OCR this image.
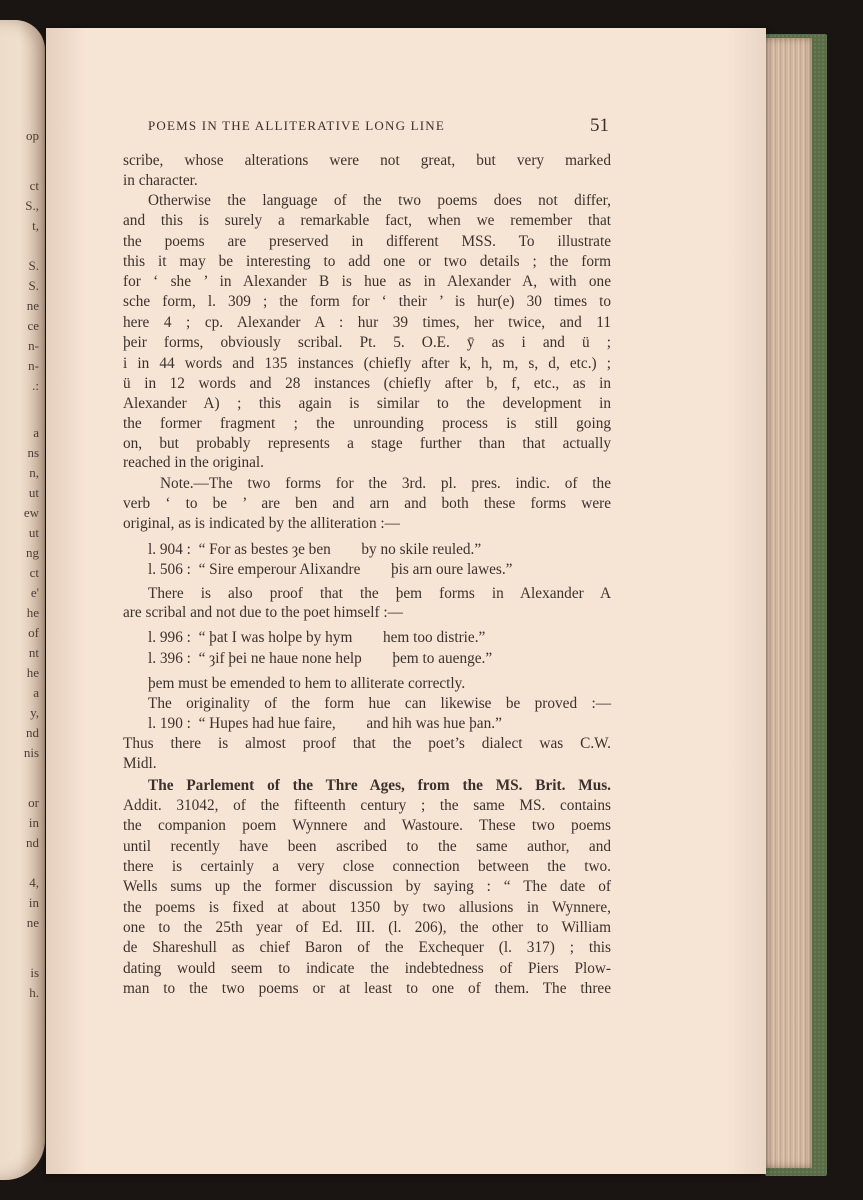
op
ct
S.,
t,
S.
S.
ne
ce
n-
n-
.:
a
ns
n,
ut
ew
ut
ng
ct
e'
he
of
nt
he
a
y,
nd
nis
or
in
nd
4,
in
ne
is
h.
POEMS IN THE ALLITERATIVE LONG LINE	51
scribe, whose alterations were not great, but very marked
in character.
Otherwise the language of the two poems does not differ,
and this is surely a remarkable fact, when we remember that
the poems are preserved in different MSS. To illustrate
this it may be interesting to add one or two details ; the form
for ‘ she ’ in Alexander B is hue as in Alexander A, with one
sche form, l. 309 ; the form for ‘ their ’ is hur(e) 30 times to
here 4 ; cp. Alexander A : hur 39 times, her twice, and 11
þeir forms, obviously scribal. Pt. 5. O.E. ȳ as i and ü ;
i in 44 words and 135 instances (chiefly after k, h, m, s, d, etc.) ;
ü in 12 words and 28 instances (chiefly after b, f, etc., as in
Alexander A) ; this again is similar to the development in
the former fragment ; the unrounding process is still going
on, but probably represents a stage further than that actually
reached in the original.
Note.—The two forms for the 3rd. pl. pres. indic. of the
verb ‘ to be ’ are ben and arn and both these forms were
original, as is indicated by the alliteration :—
l. 904 :  “ For as bestes ȝe ben        by no skile reuled.”
l. 506 :  “ Sire emperour Alixandre        þis arn oure lawes.”
There is also proof that the þem forms in Alexander A
are scribal and not due to the poet himself :—
l. 996 :  “ þat I was holpe by hym        hem too distrie.”
l. 396 :  “ ȝif þei ne haue none help        þem to auenge.”
þem must be emended to hem to alliterate correctly.
The originality of the form hue can likewise be proved :—
l. 190 :  “ Hupes had hue faire,        and hih was hue þan.”
Thus there is almost proof that the poet’s dialect was C.W.
Midl.
The Parlement of the Thre Ages, from the MS. Brit. Mus.
Addit. 31042, of the fifteenth century ; the same MS. contains
the companion poem Wynnere and Wastoure. These two poems
until recently have been ascribed to the same author, and
there is certainly a very close connection between the two.
Wells sums up the former discussion by saying : “ The date of
the poems is fixed at about 1350 by two allusions in Wynnere,
one to the 25th year of Ed. III. (l. 206), the other to William
de Shareshull as chief Baron of the Exchequer (l. 317) ; this
dating would seem to indicate the indebtedness of Piers Plow-
man to the two poems or at least to one of them. The three
